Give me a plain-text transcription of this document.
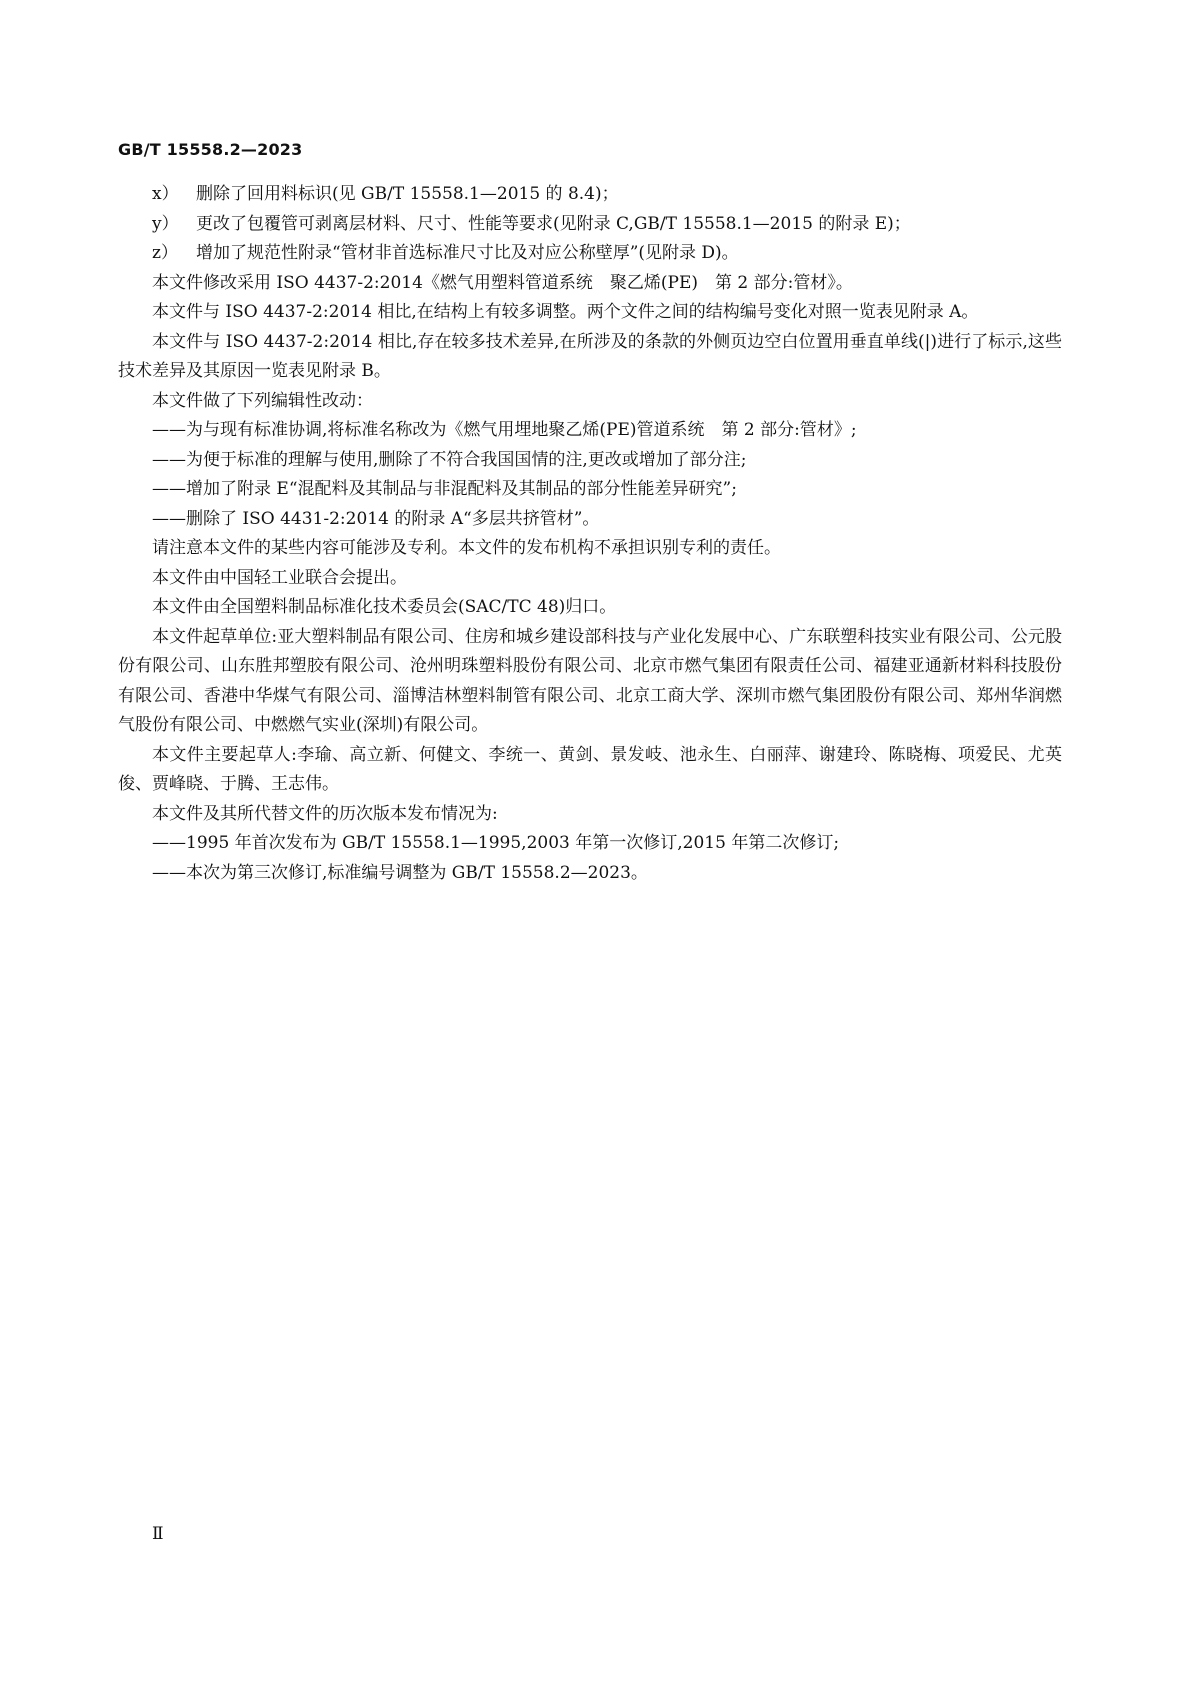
GB/T 15558.2—2023
x）	删除了回用料标识(见 GB/T 15558.1—2015 的 8.4)；
y）	更改了包覆管可剥离层材料、尺寸、性能等要求(见附录 C,GB/T 15558.1—2015 的附录 E)；
z）	增加了规范性附录“管材非首选标准尺寸比及对应公称壁厚”(见附录 D)。

本文件修改采用 ISO 4437-2:2014《燃气用塑料管道系统　聚乙烯(PE)　第 2 部分:管材》。

本文件与 ISO 4437-2:2014 相比,在结构上有较多调整。两个文件之间的结构编号变化对照一览表见附录 A。

本文件与 ISO 4437-2:2014 相比,存在较多技术差异,在所涉及的条款的外侧页边空白位置用垂直单线(|)进行了标示,这些技术差异及其原因一览表见附录 B。

本文件做了下列编辑性改动：

——为与现有标准协调,将标准名称改为《燃气用埋地聚乙烯(PE)管道系统　第 2 部分:管材》;

——为便于标准的理解与使用,删除了不符合我国国情的注,更改或增加了部分注;

——增加了附录 E“混配料及其制品与非混配料及其制品的部分性能差异研究”;

——删除了 ISO 4431-2:2014 的附录 A“多层共挤管材”。

请注意本文件的某些内容可能涉及专利。本文件的发布机构不承担识别专利的责任。

本文件由中国轻工业联合会提出。

本文件由全国塑料制品标准化技术委员会(SAC/TC 48)归口。

本文件起草单位:亚大塑料制品有限公司、住房和城乡建设部科技与产业化发展中心、广东联塑科技实业有限公司、公元股份有限公司、山东胜邦塑胶有限公司、沧州明珠塑料股份有限公司、北京市燃气集团有限责任公司、福建亚通新材料科技股份有限公司、香港中华煤气有限公司、淄博洁林塑料制管有限公司、北京工商大学、深圳市燃气集团股份有限公司、郑州华润燃气股份有限公司、中燃燃气实业(深圳)有限公司。

本文件主要起草人:李瑜、高立新、何健文、李统一、黄剑、景发岐、池永生、白丽萍、谢建玲、陈晓梅、项爱民、尤英俊、贾峰晓、于腾、王志伟。

本文件及其所代替文件的历次版本发布情况为:

——1995 年首次发布为 GB/T 15558.1—1995,2003 年第一次修订,2015 年第二次修订;

——本次为第三次修订,标准编号调整为 GB/T 15558.2—2023。

Ⅱ
